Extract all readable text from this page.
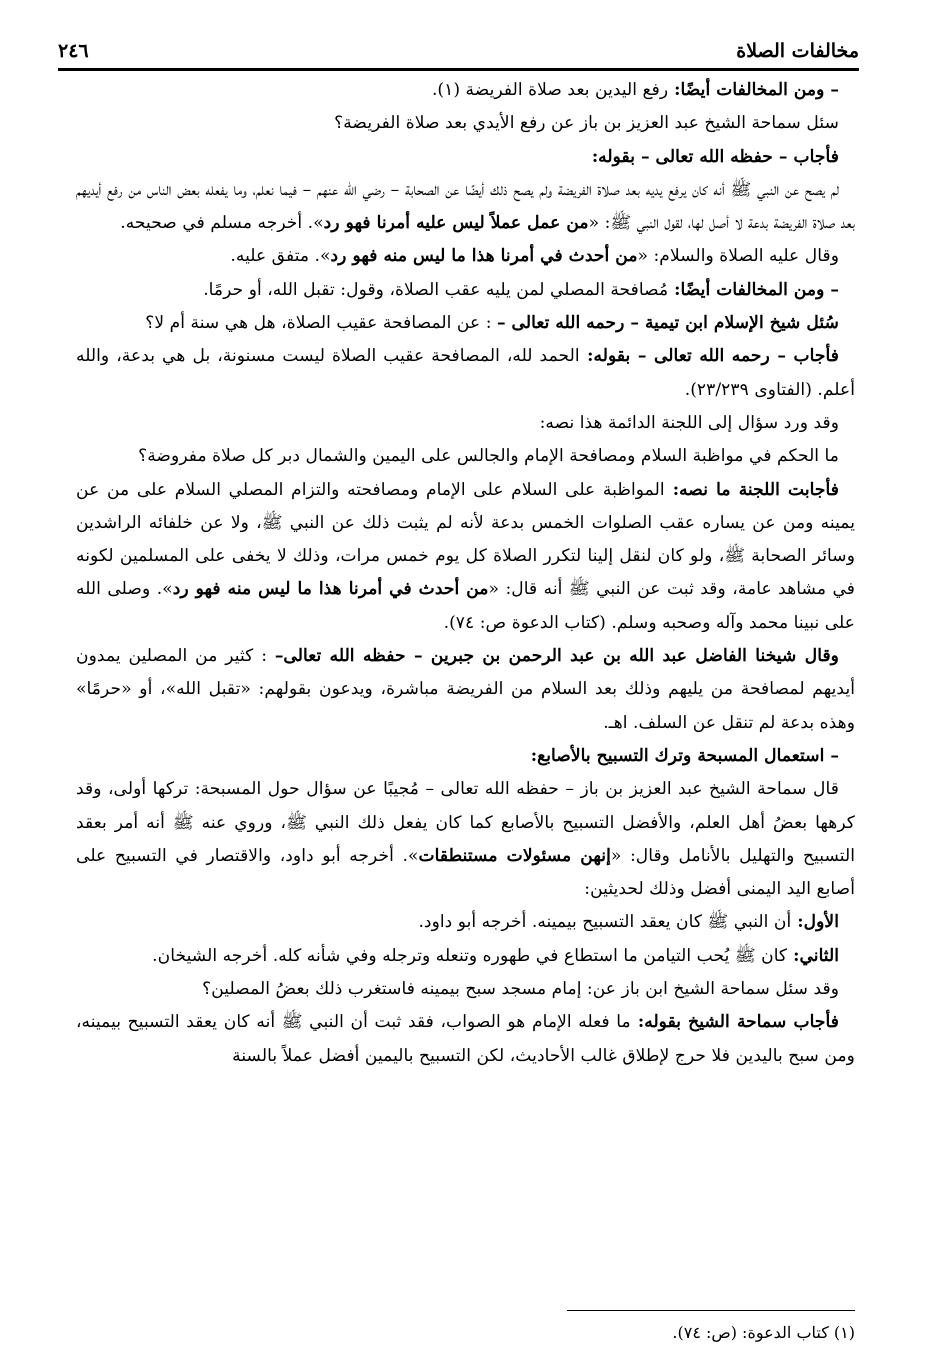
مخالفات الصلاة
٢٤٦

– ومن المخالفات أيضًا: رفع اليدين بعد صلاة الفريضة (١).

سئل سماحة الشيخ عبد العزيز بن باز عن رفع الأيدي بعد صلاة الفريضة؟

فأجاب – حفظه الله تعالى – بقوله:

لم يصح عن النبي ﷺ أنه كان يرفع يديه بعد صلاة الفريضة ولم يصح ذلك أيضًا عن الصحابة – رضي الله عنهم – فيما نعلم، وما يفعله بعض الناس من رفع أيديهم بعد صلاة الفريضة بدعة لا أصل لها، لقول النبي ﷺ: «من عمل عملاً ليس عليه أمرنا فهو رد». أخرجه مسلم في صحيحه.

وقال عليه الصلاة والسلام: «من أحدث في أمرنا هذا ما ليس منه فهو رد». متفق عليه.

– ومن المخالفات أيضًا: مُصافحة المصلي لمن يليه عقب الصلاة، وقول: تقبل الله، أو حرمًا.

سُئل شيخ الإسلام ابن تيمية – رحمه الله تعالى – : عن المصافحة عقيب الصلاة، هل هي سنة أم لا؟

فأجاب – رحمه الله تعالى – بقوله: الحمد لله، المصافحة عقيب الصلاة ليست مسنونة، بل هي بدعة، والله أعلم. (الفتاوى ٢٣/٢٣٩).

وقد ورد سؤال إلى اللجنة الدائمة هذا نصه:

ما الحكم في مواظبة السلام ومصافحة الإمام والجالس على اليمين والشمال دبر كل صلاة مفروضة؟

فأجابت اللجنة ما نصه: المواظبة على السلام على الإمام ومصافحته والتزام المصلي السلام على من عن يمينه ومن عن يساره عقب الصلوات الخمس بدعة لأنه لم يثبت ذلك عن النبي ﷺ، ولا عن خلفائه الراشدين وسائر الصحابة ﷺ، ولو كان لنقل إلينا لتكرر الصلاة كل يوم خمس مرات، وذلك لا يخفى على المسلمين لكونه في مشاهد عامة، وقد ثبت عن النبي ﷺ أنه قال: «من أحدث في أمرنا هذا ما ليس منه فهو رد». وصلى الله على نبينا محمد وآله وصحبه وسلم. (كتاب الدعوة ص: ٧٤).

وقال شيخنا الفاضل عبد الله بن عبد الرحمن بن جبرين – حفظه الله تعالى– : كثير من المصلين يمدون أيديهم لمصافحة من يليهم وذلك بعد السلام من الفريضة مباشرة، ويدعون بقولهم: «تقبل الله»، أو «حرمًا» وهذه بدعة لم تنقل عن السلف. اهـ.

– استعمال المسبحة وترك التسبيح بالأصابع:

قال سماحة الشيخ عبد العزيز بن باز – حفظه الله تعالى – مُجيبًا عن سؤال حول المسبحة: تركها أولى، وقد كرهها بعضُ أهل العلم، والأفضل التسبيح بالأصابع كما كان يفعل ذلك النبي ﷺ، وروي عنه ﷺ أنه أمر بعقد التسبيح والتهليل بالأنامل وقال: «إنهن مسئولات مستنطقات». أخرجه أبو داود، والاقتصار في التسبيح على أصابع اليد اليمنى أفضل وذلك لحديثين:

الأول: أن النبي ﷺ كان يعقد التسبيح بيمينه. أخرجه أبو داود.

الثاني: كان ﷺ يُحب التيامن ما استطاع في طهوره وتنعله وترجله وفي شأنه كله. أخرجه الشيخان.

وقد سئل سماحة الشيخ ابن باز عن: إمام مسجد سبح بيمينه فاستغرب ذلك بعضُ المصلين؟

فأجاب سماحة الشيخ بقوله: ما فعله الإمام هو الصواب، فقد ثبت أن النبي ﷺ أنه كان يعقد التسبيح بيمينه، ومن سبح باليدين فلا حرج لإطلاق غالب الأحاديث، لكن التسبيح باليمين أفضل عملاً بالسنة

(١) كتاب الدعوة: (ص: ٧٤).
